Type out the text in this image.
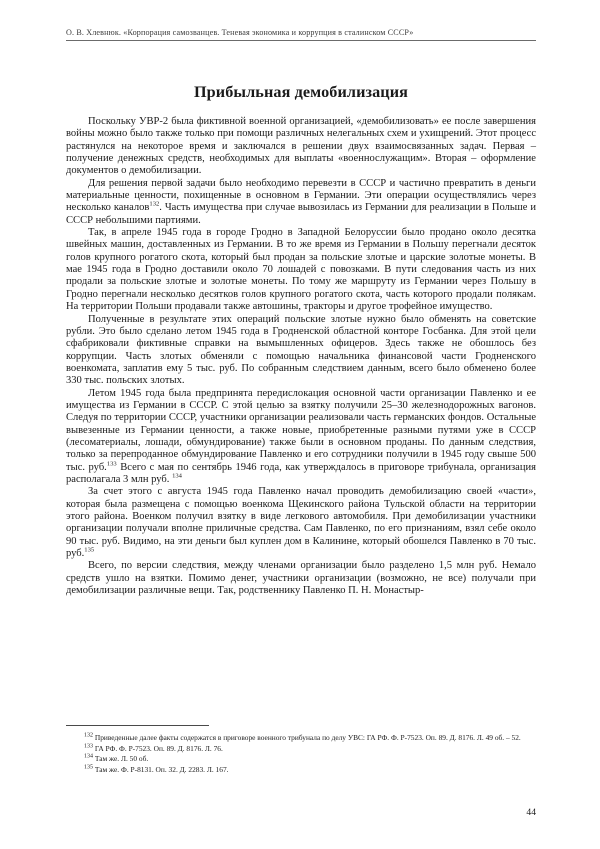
О. В. Хлевнюк. «Корпорация самозванцев. Теневая экономика и коррупция в сталинском СССР»
Прибыльная демобилизация

Поскольку УВР-2 была фиктивной военной организацией, «демобилизовать» ее после завершения войны можно было также только при помощи различных нелегальных схем и ухищрений. Этот процесс растянулся на некоторое время и заключался в решении двух взаимосвязанных задач. Первая – получение денежных средств, необходимых для выплаты «военнослужащим». Вторая – оформление документов о демобилизации.

Для решения первой задачи было необходимо перевезти в СССР и частично превратить в деньги материальные ценности, похищенные в основном в Германии. Эти операции осуществлялись через несколько каналов$^{132}$. Часть имущества при случае вывозилась из Германии для реализации в Польше и СССР небольшими партиями.

Так, в апреле 1945 года в городе Гродно в Западной Белоруссии было продано около десятка швейных машин, доставленных из Германии. В то же время из Германии в Польшу перегнали десяток голов крупного рогатого скота, который был продан за польские злотые и царские золотые монеты. В мае 1945 года в Гродно доставили около 70 лошадей с повозками. В пути следования часть из них продали за польские злотые и золотые монеты. По тому же маршруту из Германии через Польшу в Гродно перегнали несколько десятков голов крупного рогатого скота, часть которого продали полякам. На территории Польши продавали также автошины, тракторы и другое трофейное имущество.

Полученные в результате этих операций польские злотые нужно было обменять на советские рубли. Это было сделано летом 1945 года в Гродненской областной конторе Госбанка. Для этой цели сфабриковали фиктивные справки на вымышленных офицеров. Здесь также не обошлось без коррупции. Часть злотых обменяли с помощью начальника финансовой части Гродненского военкомата, заплатив ему 5 тыс. руб. По собранным следствием данным, всего было обменено более 330 тыс. польских злотых.

Летом 1945 года была предпринята передислокация основной части организации Павленко и ее имущества из Германии в СССР. С этой целью за взятку получили 25–30 железнодорожных вагонов. Следуя по территории СССР, участники организации реализовали часть германских фондов. Остальные вывезенные из Германии ценности, а также новые, приобретенные разными путями уже в СССР (лесоматериалы, лошади, обмундирование) также были в основном проданы. По данным следствия, только за перепроданное обмундирование Павленко и его сотрудники получили в 1945 году свыше 500 тыс. руб.$^{133}$ Всего с мая по сентябрь 1946 года, как утверждалось в приговоре трибунала, организация располагала 3 млн руб. $^{134}$

За счет этого с августа 1945 года Павленко начал проводить демобилизацию своей «части», которая была размещена с помощью военкома Щекинского района Тульской области на территории этого района. Военком получил взятку в виде легкового автомобиля. При демобилизации участники организации получали вполне приличные средства. Сам Павленко, по его признаниям, взял себе около 90 тыс. руб. Видимо, на эти деньги был куплен дом в Калинине, который обошелся Павленко в 70 тыс. руб.$^{135}$

Всего, по версии следствия, между членами организации было разделено 1,5 млн руб. Немало средств ушло на взятки. Помимо денег, участники организации (возможно, не все) получали при демобилизации различные вещи. Так, родственнику Павленко П. Н. Монастыр-

$^{132}$ Приведенные далее факты содержатся в приговоре военного трибунала по делу УВС: ГА РФ. Ф. Р-7523. Оп. 89. Д. 8176. Л. 49 об. – 52.

$^{133}$ ГА РФ. Ф. Р-7523. Оп. 89. Д. 8176. Л. 76.

$^{134}$ Там же. Л. 50 об.

$^{135}$ Там же. Ф. Р-8131. Оп. 32. Д. 2283. Л. 167.

44
